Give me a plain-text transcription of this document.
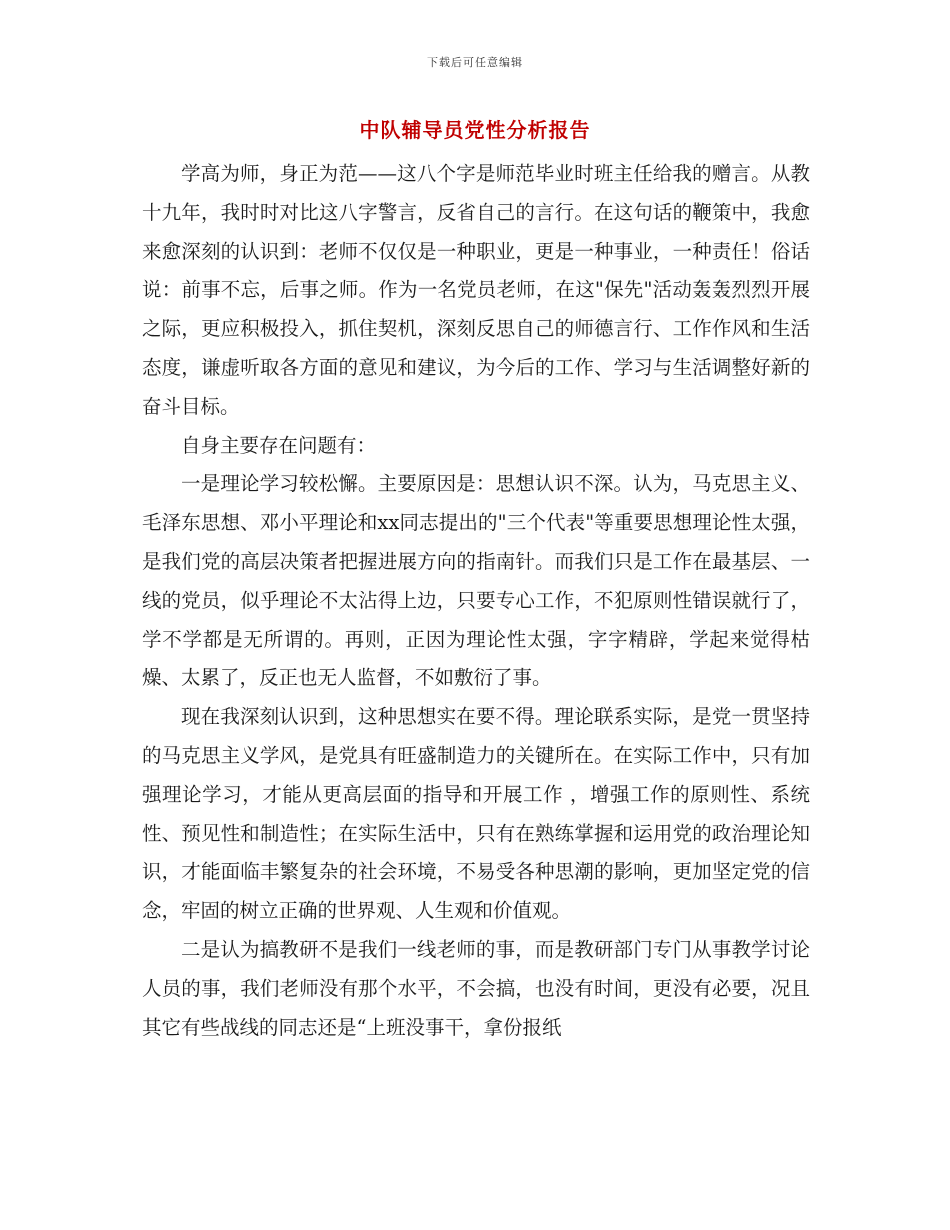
下载后可任意编辑
中队辅导员党性分析报告

学高为师，身正为范——这八个字是师范毕业时班主任给我的赠言。从教十九年，我时时对比这八字警言，反省自己的言行。在这句话的鞭策中，我愈来愈深刻的认识到：老师不仅仅是一种职业，更是一种事业，一种责任！俗话说：前事不忘，后事之师。作为一名党员老师，在这"保先"活动轰轰烈烈开展之际，更应积极投入，抓住契机，深刻反思自己的师德言行、工作作风和生活态度，谦虚听取各方面的意见和建议，为今后的工作、学习与生活调整好新的奋斗目标。

自身主要存在问题有：

一是理论学习较松懈。主要原因是：思想认识不深。认为，马克思主义、毛泽东思想、邓小平理论和xx同志提出的"三个代表"等重要思想理论性太强，是我们党的高层决策者把握进展方向的指南针。而我们只是工作在最基层、一线的党员，似乎理论不太沾得上边，只要专心工作，不犯原则性错误就行了，学不学都是无所谓的。再则，正因为理论性太强，字字精辟，学起来觉得枯燥、太累了，反正也无人监督，不如敷衍了事。

现在我深刻认识到，这种思想实在要不得。理论联系实际，是党一贯坚持的马克思主义学风，是党具有旺盛制造力的关键所在。在实际工作中，只有加强理论学习，才能从更高层面的指导和开展工作 ，增强工作的原则性、系统性、预见性和制造性；在实际生活中，只有在熟练掌握和运用党的政治理论知识，才能面临丰繁复杂的社会环境，不易受各种思潮的影响，更加坚定党的信念，牢固的树立正确的世界观、人生观和价值观。

二是认为搞教研不是我们一线老师的事，而是教研部门专门从事教学讨论人员的事，我们老师没有那个水平，不会搞，也没有时间，更没有必要，况且其它有些战线的同志还是“上班没事干，拿份报纸
